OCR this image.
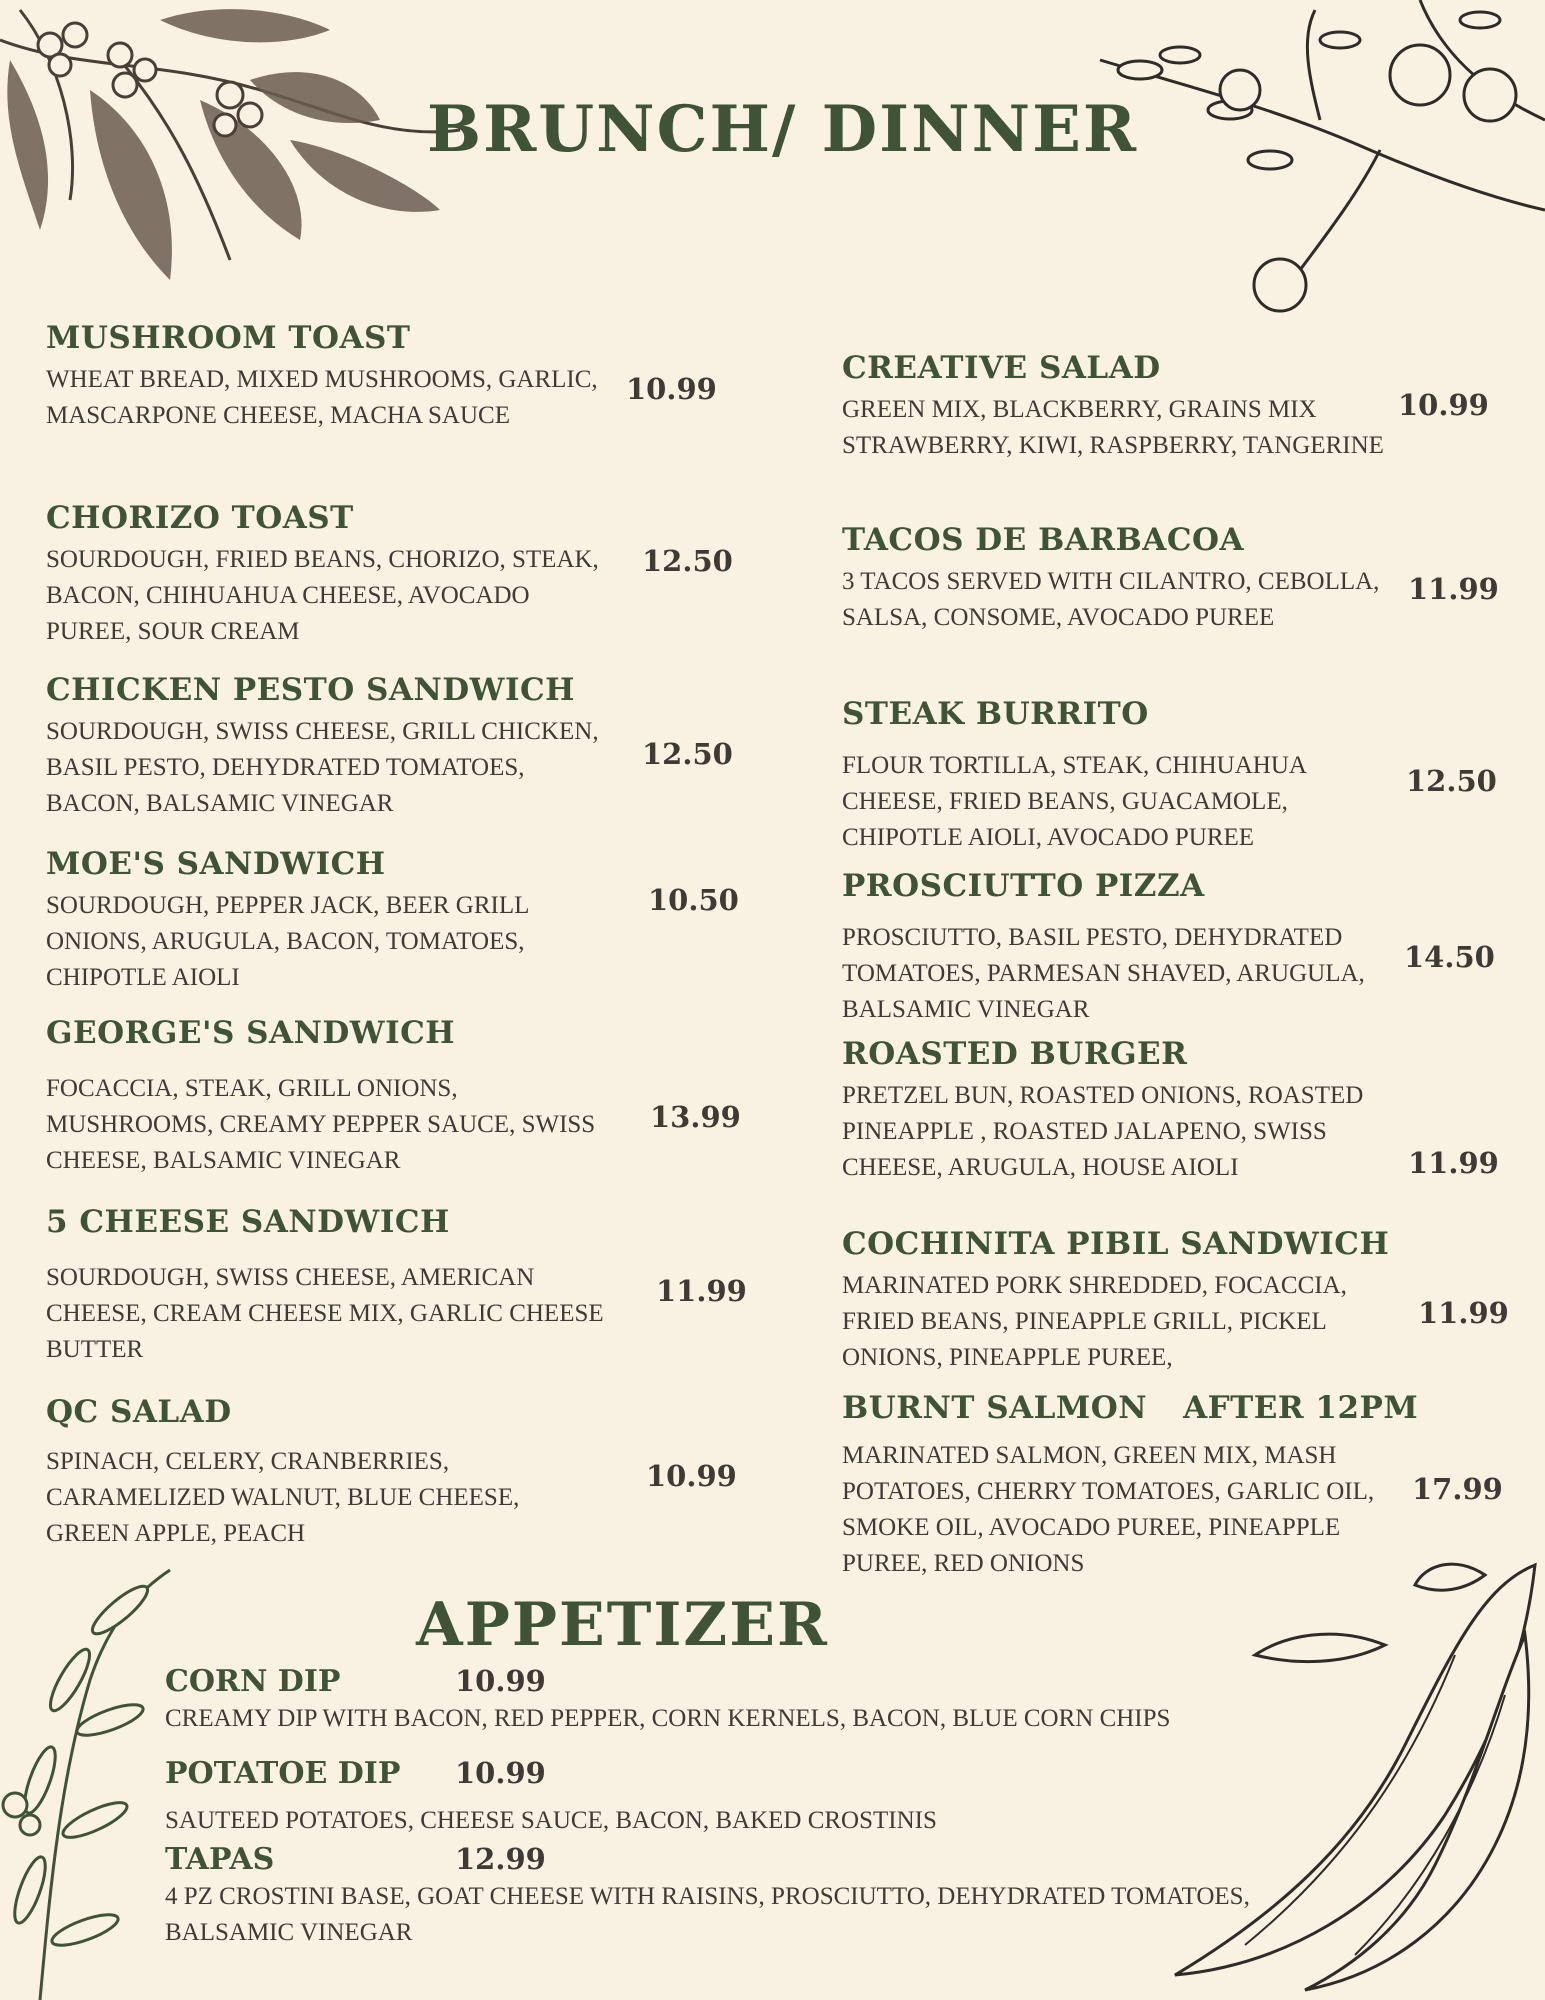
BRUNCH/ DINNER

MUSHROOM TOAST

WHEAT BREAD, MIXED MUSHROOMS, GARLIC, MASCARPONE CHEESE, MACHA SAUCE

10.99

CHORIZO TOAST

SOURDOUGH, FRIED BEANS, CHORIZO, STEAK, BACON, CHIHUAHUA CHEESE, AVOCADO PUREE, SOUR CREAM

12.50

CHICKEN PESTO SANDWICH

SOURDOUGH, SWISS CHEESE, GRILL CHICKEN, BASIL PESTO, DEHYDRATED TOMATOES, BACON, BALSAMIC VINEGAR

12.50

MOE'S SANDWICH

SOURDOUGH, PEPPER JACK, BEER GRILL ONIONS, ARUGULA, BACON, TOMATOES, CHIPOTLE AIOLI

10.50

GEORGE'S SANDWICH

FOCACCIA, STEAK, GRILL ONIONS, MUSHROOMS, CREAMY PEPPER SAUCE, SWISS CHEESE, BALSAMIC VINEGAR

13.99

5 CHEESE SANDWICH

SOURDOUGH, SWISS CHEESE, AMERICAN CHEESE, CREAM CHEESE MIX, GARLIC CHEESE BUTTER

11.99

QC SALAD

SPINACH, CELERY, CRANBERRIES, CARAMELIZED WALNUT, BLUE CHEESE, GREEN APPLE, PEACH

10.99

CREATIVE SALAD

GREEN MIX, BLACKBERRY, GRAINS MIX STRAWBERRY, KIWI, RASPBERRY, TANGERINE

10.99

TACOS DE BARBACOA

3 TACOS SERVED WITH CILANTRO, CEBOLLA, SALSA, CONSOME, AVOCADO PUREE

11.99

STEAK BURRITO

FLOUR TORTILLA, STEAK, CHIHUAHUA CHEESE, FRIED BEANS, GUACAMOLE, CHIPOTLE AIOLI, AVOCADO PUREE

12.50

PROSCIUTTO PIZZA

PROSCIUTTO, BASIL PESTO, DEHYDRATED TOMATOES, PARMESAN SHAVED, ARUGULA, BALSAMIC VINEGAR

14.50

ROASTED BURGER

PRETZEL BUN, ROASTED ONIONS, ROASTED PINEAPPLE , ROASTED JALAPENO, SWISS CHEESE, ARUGULA, HOUSE AIOLI	11.99

COCHINITA PIBIL SANDWICH

MARINATED PORK SHREDDED, FOCACCIA, FRIED BEANS, PINEAPPLE GRILL, PICKEL ONIONS, PINEAPPLE PUREE,

11.99

BURNT SALMON AFTER 12PM

MARINATED SALMON, GREEN MIX, MASH POTATOES, CHERRY TOMATOES, GARLIC OIL, SMOKE OIL, AVOCADO PUREE, PINEAPPLE PUREE, RED ONIONS

17.99
APPETIZER
CORN DIP	10.99

CREAMY DIP WITH BACON, RED PEPPER, CORN KERNELS, BACON, BLUE CORN CHIPS

POTATOE DIP 10.99

SAUTEED POTATOES, CHEESE SAUCE, BACON, BAKED CROSTINIS

TAPAS	12.99

4 PZ CROSTINI BASE, GOAT CHEESE WITH RAISINS, PROSCIUTTO, DEHYDRATED TOMATOES, BALSAMIC VINEGAR
